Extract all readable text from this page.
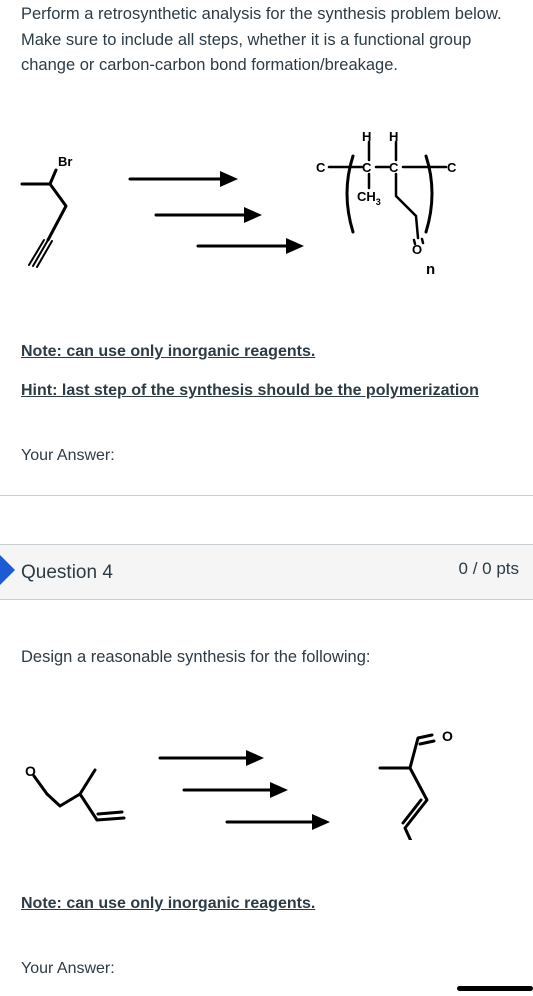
Perform a retrosynthetic analysis for the synthesis problem below. Make sure to include all steps, whether it is a functional group change or carbon-carbon bond formation/breakage.
Br
H H
C	C C	C
$CH_3$
O
n
Note: can use only inorganic reagents.
Hint: last step of the synthesis should be the polymerization
Your Answer:
Question 4	0 / 0 pts
Design a reasonable synthesis for the following:
O
O
Note: can use only inorganic reagents.
Your Answer:
